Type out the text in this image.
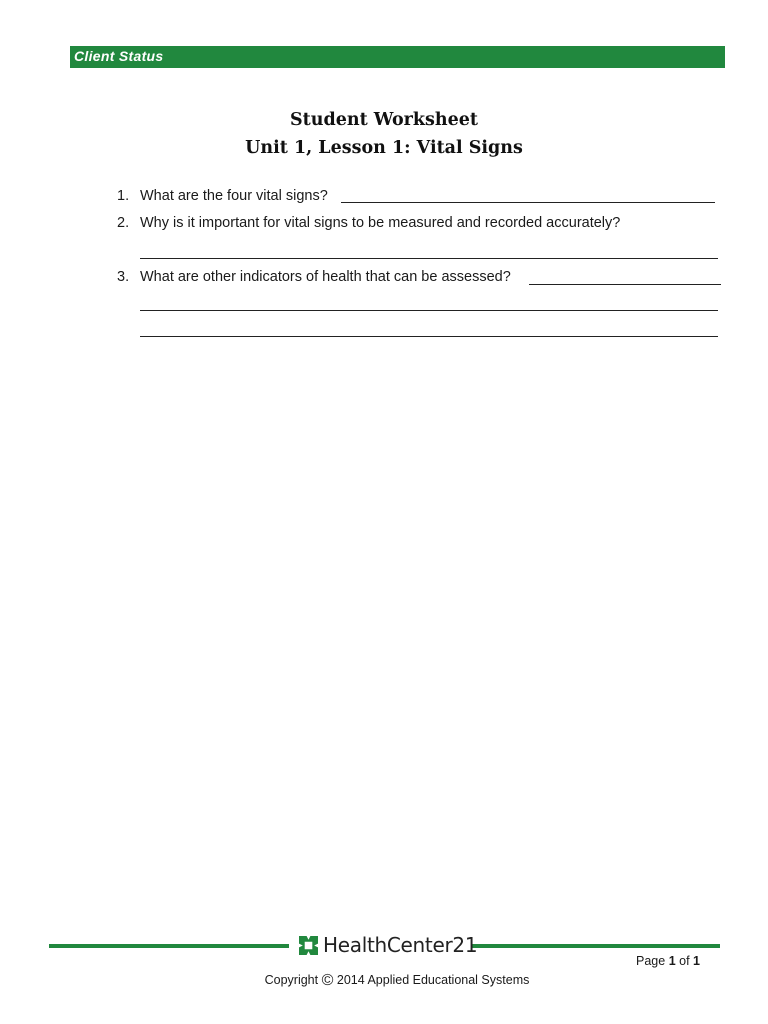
Client Status
Student Worksheet
Unit 1, Lesson 1: Vital Signs
1. What are the four vital signs?
2. Why is it important for vital signs to be measured and recorded accurately?
3. What are other indicators of health that can be assessed?
HealthCenter21
Page 1 of 1
Copyright © 2014 Applied Educational Systems
